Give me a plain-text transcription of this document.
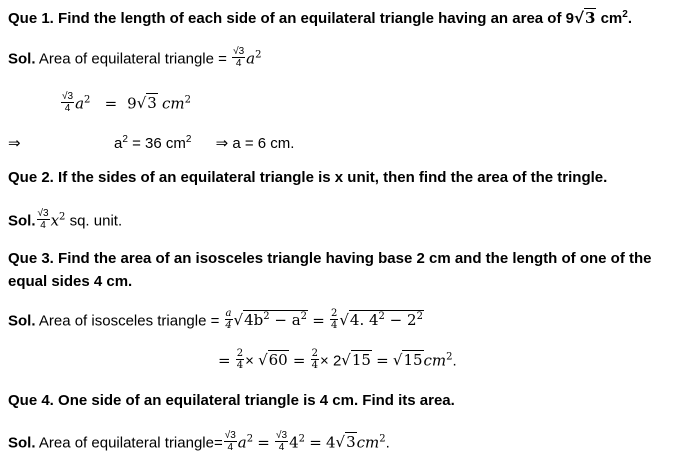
Que 1. Find the length of each side of an equilateral triangle having an area of 9√3 $cm^2$.
Sol. Area of equilateral triangle = $\frac{√3}{4} a^2$
$\frac{√3}{4} a^2 = 9√3$ $cm^2$
⇒	$a^2 = 36$ $cm^2$ ⇒ a = 6 cm.
Que 2. If the sides of an equilateral triangle is x unit, then find the area of the tringle.
Sol. $\frac{√3}{4} x^2$ sq. unit.
Que 3. Find the area of an isosceles triangle having base 2 cm and the length of one of the
equal sides 4 cm.
Sol. Area of isosceles triangle = $\frac{a}{4} √4b^2 - a^2 = \frac{2}{4} √4$. $4^2 - 2^2$
= $\frac{2}{4} \times √60 = \frac{2}{4} \times 2√15 = √15cm^2$.
Que 4. One side of an equilateral triangle is 4 cm. Find its area.
Sol. Area of equilateral triangle= $\frac{√3}{4} a^2 = \frac{√3}{4} 4^2 = 4√3cm^2$.
